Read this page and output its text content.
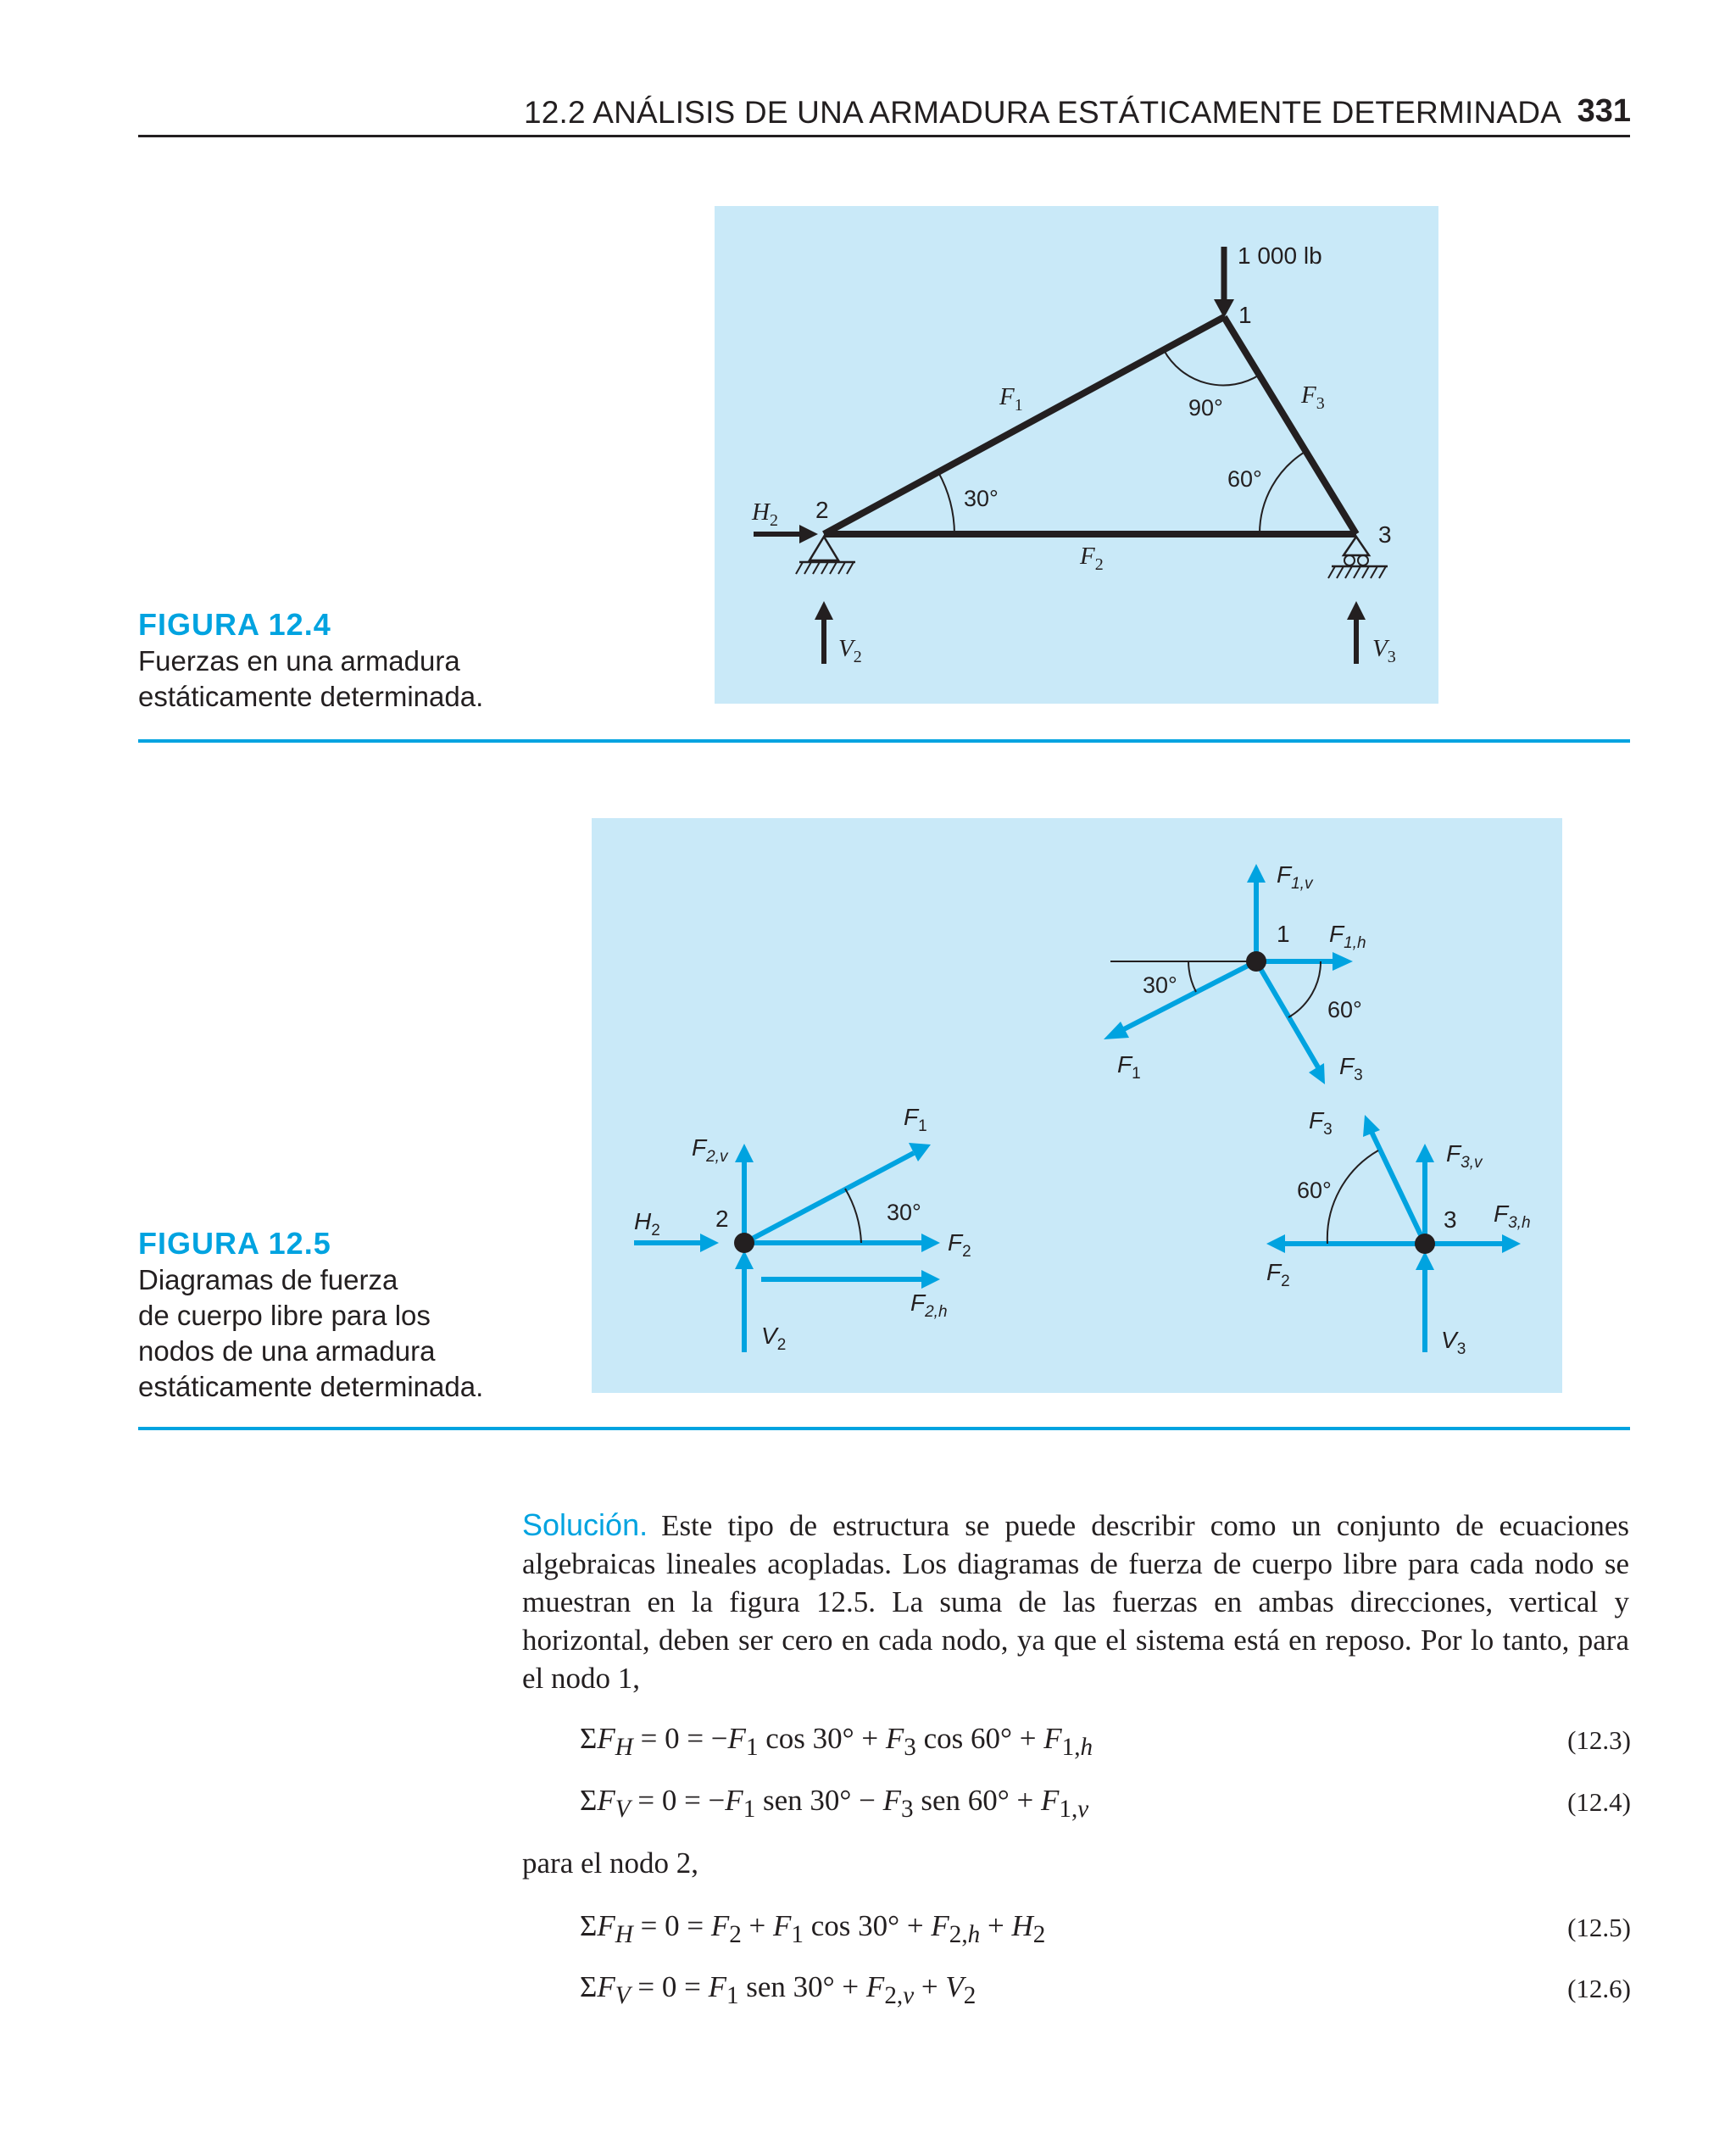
12.2 ANÁLISIS DE UNA ARMADURA ESTÁTICAMENTE DETERMINADA 331
1 000 lb
1
2
3
90°
30°
60°
$F_1$
$F_2$
$F_3$
$H_2$
$V_2$	$V_3$
FIGURA 12.4
Fuerzas en una armadura
estáticamente determinada.
1
2	3
30°
60°
30°
60°
$F_{1,v}$
$F_{1,h}$
$F_1$	$F_3$
$F_{2,v}$
$H_2$
$F_1$
$F_2$
$F_{2,h}$
$V_2$
$F_3$
$F_{3,v}$
$F_{3,h}$
$F_2$
$V_3$
FIGURA 12.5
Diagramas de fuerza
de cuerpo libre para los
nodos de una armadura
estáticamente determinada.
Solución. Este tipo de estructura se puede describir como un conjunto de ecuaciones algebraicas lineales acopladas. Los diagramas de fuerza de cuerpo libre para cada nodo se muestran en la figura 12.5. La suma de las fuerzas en ambas direcciones, vertical y horizontal, deben ser cero en cada nodo, ya que el sistema está en reposo. Por lo tanto, para el nodo 1,
$\Sigma F_H = 0 = -F_1$ $\cos 30^\circ + F_3$ $\cos 60^\circ + F_{1,h}$	(12.3)
$\Sigma F_V = 0 = -F_1$ sen $30^\circ - F_3$ sen $60^\circ + F_{1,v}$	(12.4)
para el nodo 2,
$\Sigma F_H = 0 = F_2 + F_1$ $\cos 30^\circ + F_{2,h} + H_2$	(12.5)
$\Sigma F_V = 0 = F_1$ sen $30^\circ + F_{2,v} + V_2$	(12.6)
